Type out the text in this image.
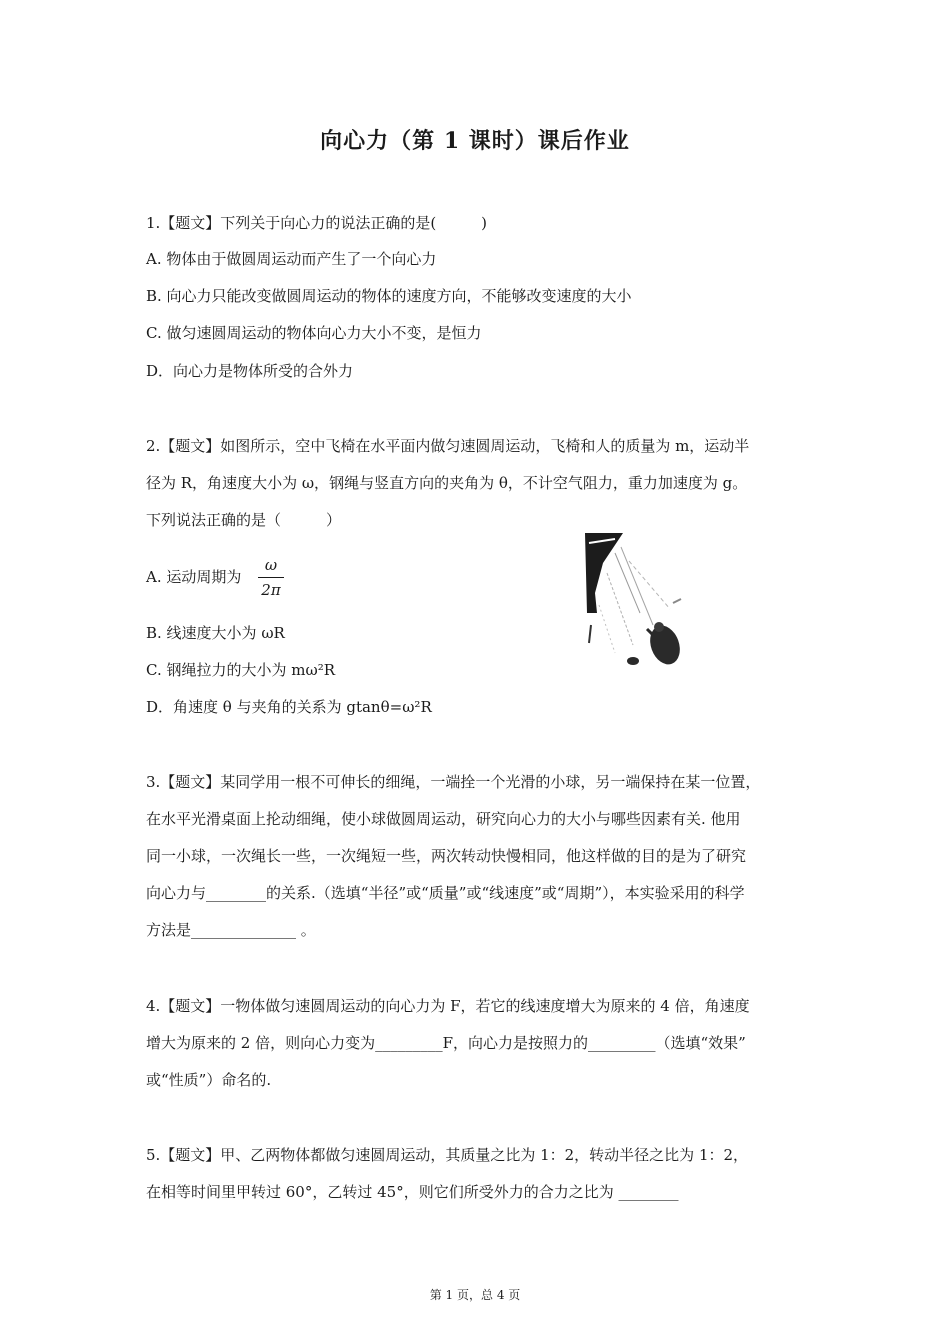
向心力（第 1 课时）课后作业
1.【题文】下列关于向心力的说法正确的是(　　　)
A. 物体由于做圆周运动而产生了一个向心力
B. 向心力只能改变做圆周运动的物体的速度方向，不能够改变速度的大小
C. 做匀速圆周运动的物体向心力大小不变，是恒力
D．向心力是物体所受的合外力
2.【题文】如图所示，空中飞椅在水平面内做匀速圆周运动，飞椅和人的质量为 m，运动半
径为 R，角速度大小为 ω，钢绳与竖直方向的夹角为 θ，不计空气阻力，重力加速度为 g。
下列说法正确的是（　　　）
A. 运动周期为
ω
2π
B. 线速度大小为 ωR
C. 钢绳拉力的大小为 mω²R
D．角速度 θ 与夹角的关系为 gtanθ=ω²R
3.【题文】某同学用一根不可伸长的细绳，一端拴一个光滑的小球，另一端保持在某一位置，
在水平光滑桌面上抡动细绳，使小球做圆周运动，研究向心力的大小与哪些因素有关. 他用
同一小球，一次绳长一些，一次绳短一些，两次转动快慢相同，他这样做的目的是为了研究
向心力与________的关系.（选填“半径”或“质量”或“线速度”或“周期”），本实验采用的科学
方法是______________ 。
4.【题文】一物体做匀速圆周运动的向心力为 F，若它的线速度增大为原来的 4 倍，角速度
增大为原来的 2 倍，则向心力变为_________F，向心力是按照力的_________（选填“效果”
或“性质”）命名的.
5.【题文】甲、乙两物体都做匀速圆周运动，其质量之比为 1：2，转动半径之比为 1：2，
在相等时间里甲转过 60°，乙转过 45°，则它们所受外力的合力之比为 ________
第 1 页，总 4 页
